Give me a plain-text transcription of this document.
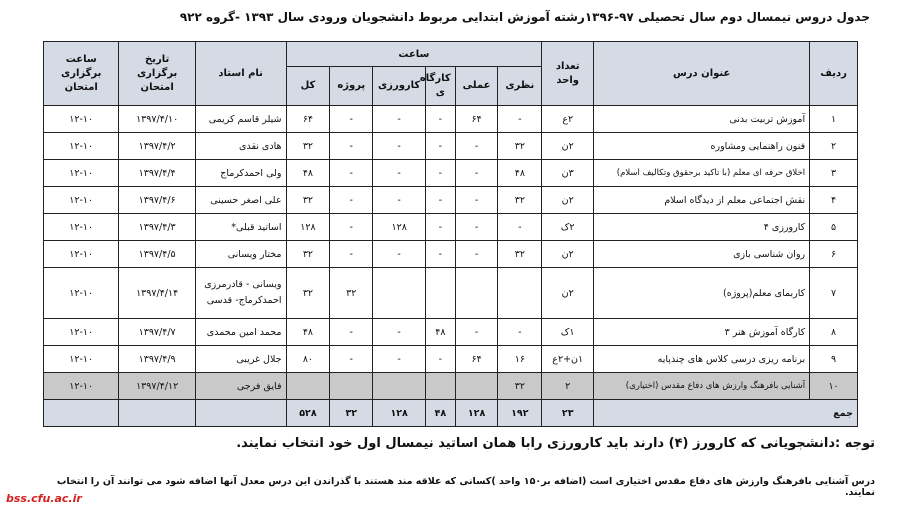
جدول دروس نیمسال دوم سال تحصیلی ۹۷-۱۳۹۶رشته آموزش ابتدایی مربوط دانشجویان ورودی سال ۱۳۹۳ -گروه ۹۲۲
ردیف	عنوان درس	تعداد واحد	ساعت						نام استاد	تاریخ برگزاری امتحان	ساعت برگزاری امتحان
			نظری	عملی	کارگاه ی	کارورزی	پروژه	کل			
۱	آموزش تربیت بدنی	۲ع	-	۶۴	-	-	-	۶۴	شیلر قاسم کریمی	۱۳۹۷/۴/۱۰	۱۲-۱۰
۲	فنون راهنمایی ومشاوره	۲ن	۳۲	-	-	-	-	۳۲	هادی نقدی	۱۳۹۷/۴/۲	۱۲-۱۰
۳	اخلاق حرفه ای معلم (با تاکید برحقوق وتکالیف اسلام)	۳ن	۴۸	-	-	-	-	۴۸	ولی احمدکرماج	۱۳۹۷/۴/۴	۱۲-۱۰
۴	نقش اجتماعی معلم از دیدگاه اسلام	۲ن	۳۲	-	-	-	-	۳۲	علی اصغر حسینی	۱۳۹۷/۴/۶	۱۲-۱۰
۵	کارورزی ۴	۲ک	-	-	-	۱۲۸	-	۱۲۸	اساتید قبلی*	۱۳۹۷/۴/۳	۱۲-۱۰
۶	روان شناسی بازی	۲ن	۳۲	-	-	-	-	۳۲	مختار ویسانی	۱۳۹۷/۴/۵	۱۲-۱۰
۷	کاربمای معلم(پروژه)	۲ن					۳۲	۳۲	ویسانی - قادرمرزی احمدکرماج- قدسی	۱۳۹۷/۴/۱۴	۱۲-۱۰
۸	کارگاه آموزش هنر ۳	۱ک	-	-	۴۸	-	-	۴۸	محمد امین محمدی	۱۳۹۷/۴/۷	۱۲-۱۰
۹	برنامه ریزی درسی کلاس های چندپایه	۱ن+۲ع	۱۶	۶۴	-	-	-	۸۰	جلال غریبی	۱۳۹۷/۴/۹	۱۲-۱۰
۱۰	آشنایی بافرهنگ وارزش های دفاع مقدس (اختیاری)	۲	۳۲						فایق فرجی	۱۳۹۷/۴/۱۲	۱۲-۱۰
جمع		۲۳	۱۹۲	۱۲۸	۴۸	۱۲۸	۳۲	۵۲۸			
توجه :دانشجویانی که کارورز (۴) دارند باید کارورزی رابا همان اساتید نیمسال اول خود انتخاب نمایند.
درس آشنایی بافرهنگ وارزش های دفاع مقدس اختیاری است (اضافه بر۱۵۰ واحد )کسانی که علاقه مند هستند با گذراندن این درس معدل آنها اضافه شود می توانند آن را انتخاب نمایند.
bss.cfu.ac.ir
